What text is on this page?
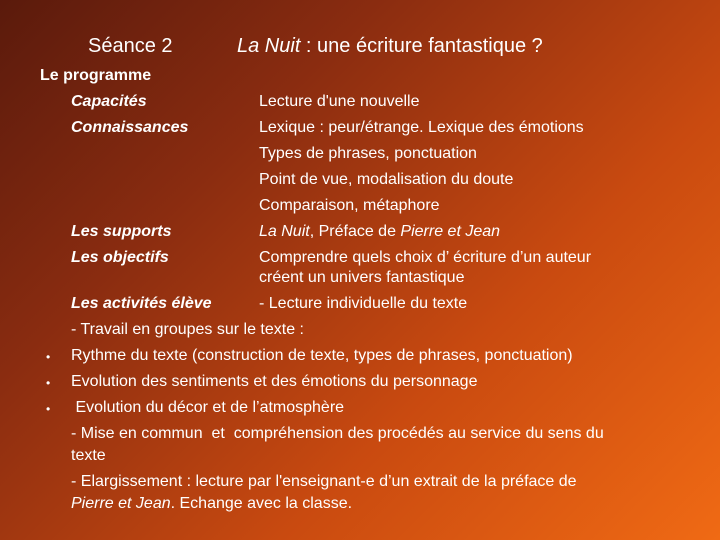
Séance 2	La Nuit : une écriture fantastique ?
Le programme
Capacités	Lecture d'une nouvelle
Connaissances	Lexique : peur/étrange. Lexique des émotions
Types de phrases, ponctuation
Point de vue, modalisation du doute
Comparaison, métaphore
Les supports	La Nuit, Préface de Pierre et Jean
Les objectifs	Comprendre quels choix d’ écriture d’un auteur
créent un univers fantastique
Les activités élève	- Lecture individuelle du texte
- Travail en groupes sur le texte :
• Rythme du texte (construction de texte, types de phrases, ponctuation)
• Evolution des sentiments et des émotions du personnage
• Evolution du décor et de l’atmosphère
- Mise en commun  et  compréhension des procédés au service du sens du
texte
- Elargissement : lecture par l'enseignant-e d’un extrait de la préface de
Pierre et Jean. Echange avec la classe.
